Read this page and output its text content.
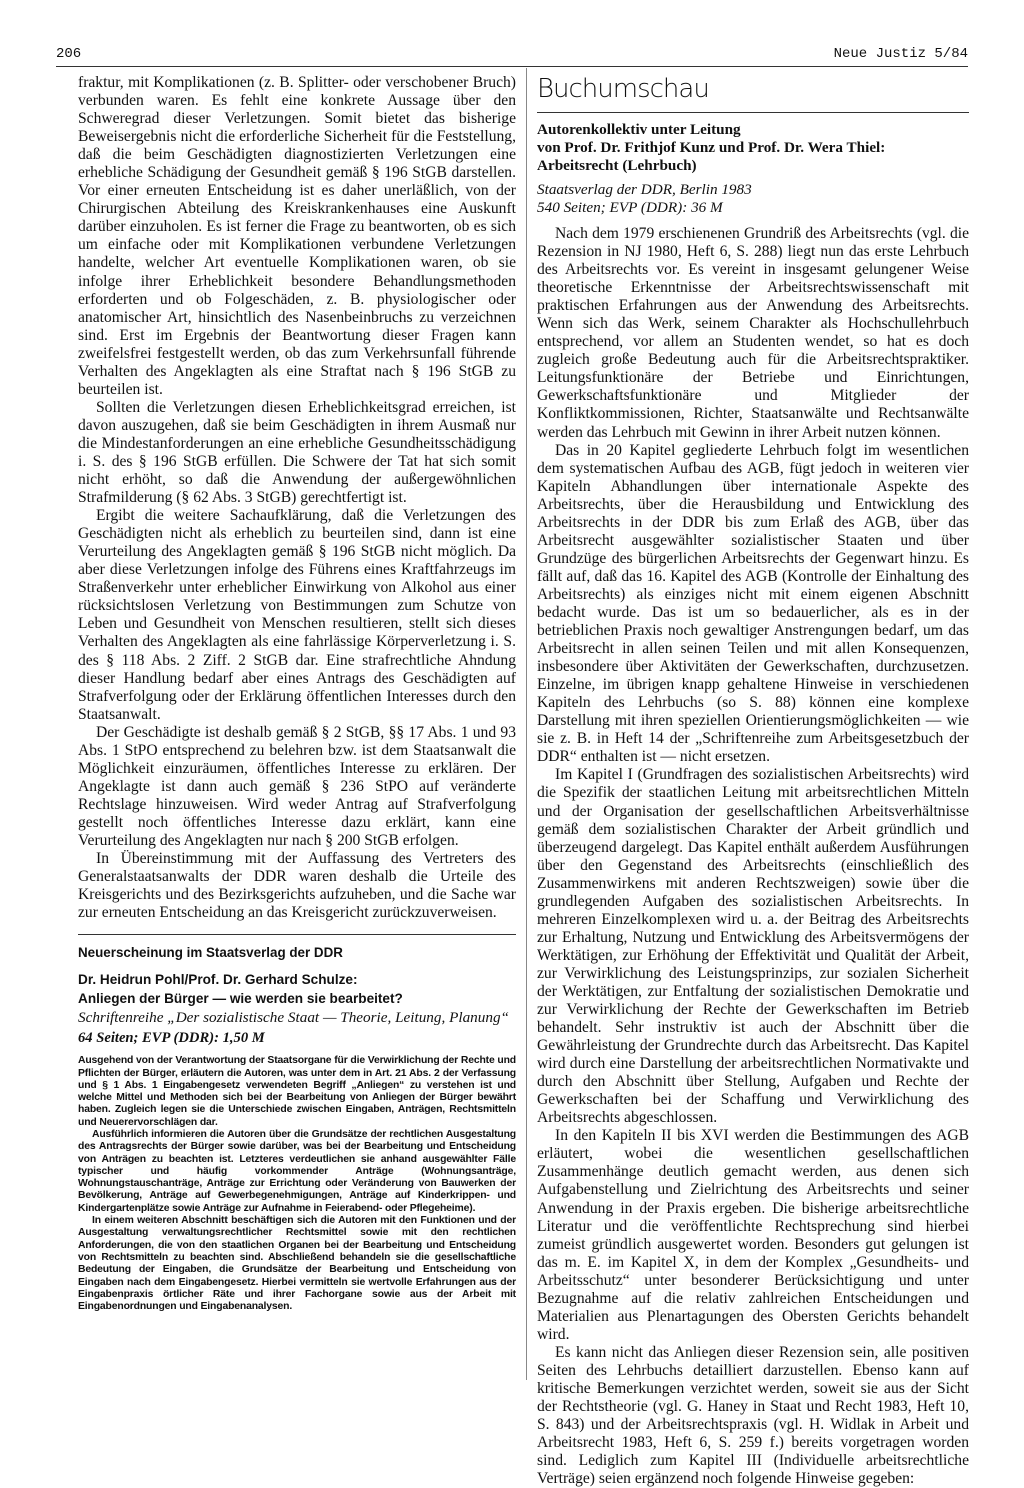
206	Neue Justiz 5/84

fraktur, mit Komplikationen (z. B. Splitter- oder verschobener Bruch) verbunden waren. Es fehlt eine konkrete Aussage über den Schweregrad dieser Verletzungen. Somit bietet das bisherige Beweisergebnis nicht die erforderliche Sicherheit für die Feststellung, daß die beim Geschädigten diagnostizierten Verletzungen eine erhebliche Schädigung der Gesundheit gemäß § 196 StGB darstellen. Vor einer erneuten Entscheidung ist es daher unerläßlich, von der Chirurgischen Abteilung des Kreiskrankenhauses eine Auskunft darüber einzuholen. Es ist ferner die Frage zu beantworten, ob es sich um einfache oder mit Komplikationen verbundene Verletzungen handelte, welcher Art eventuelle Komplikationen waren, ob sie infolge ihrer Erheblichkeit besondere Behandlungsmethoden erforderten und ob Folgeschäden, z. B. physiologischer oder anatomischer Art, hinsichtlich des Nasenbeinbruchs zu verzeichnen sind. Erst im Ergebnis der Beantwortung dieser Fragen kann zweifelsfrei festgestellt werden, ob das zum Verkehrsunfall führende Verhalten des Angeklagten als eine Straftat nach § 196 StGB zu beurteilen ist.

Sollten die Verletzungen diesen Erheblichkeitsgrad erreichen, ist davon auszugehen, daß sie beim Geschädigten in ihrem Ausmaß nur die Mindestanforderungen an eine erhebliche Gesundheitsschädigung i. S. des § 196 StGB erfüllen. Die Schwere der Tat hat sich somit nicht erhöht, so daß die Anwendung der außergewöhnlichen Strafmilderung (§ 62 Abs. 3 StGB) gerechtfertigt ist.

Ergibt die weitere Sachaufklärung, daß die Verletzungen des Geschädigten nicht als erheblich zu beurteilen sind, dann ist eine Verurteilung des Angeklagten gemäß § 196 StGB nicht möglich. Da aber diese Verletzungen infolge des Führens eines Kraftfahrzeugs im Straßenverkehr unter erheblicher Einwirkung von Alkohol aus einer rücksichtslosen Verletzung von Bestimmungen zum Schutze von Leben und Gesundheit von Menschen resultieren, stellt sich dieses Verhalten des Angeklagten als eine fahrlässige Körperverletzung i. S. des § 118 Abs. 2 Ziff. 2 StGB dar. Eine strafrechtliche Ahndung dieser Handlung bedarf aber eines Antrags des Geschädigten auf Strafverfolgung oder der Erklärung öffentlichen Interesses durch den Staatsanwalt.

Der Geschädigte ist deshalb gemäß § 2 StGB, §§ 17 Abs. 1 und 93 Abs. 1 StPO entsprechend zu belehren bzw. ist dem Staatsanwalt die Möglichkeit einzuräumen, öffentliches Interesse zu erklären. Der Angeklagte ist dann auch gemäß § 236 StPO auf veränderte Rechtslage hinzuweisen. Wird weder Antrag auf Strafverfolgung gestellt noch öffentliches Interesse dazu erklärt, kann eine Verurteilung des Angeklagten nur nach § 200 StGB erfolgen.

In Übereinstimmung mit der Auffassung des Vertreters des Generalstaatsanwalts der DDR waren deshalb die Urteile des Kreisgerichts und des Bezirksgerichts aufzuheben, und die Sache war zur erneuten Entscheidung an das Kreisgericht zurückzuverweisen.

Neuerscheinung im Staatsverlag der DDR

Dr. Heidrun Pohl/Prof. Dr. Gerhard Schulze:

Anliegen der Bürger — wie werden sie bearbeitet?

Schriftenreihe „Der sozialistische Staat — Theorie, Leitung, Planung“

64 Seiten; EVP (DDR): 1,50 M

Ausgehend von der Verantwortung der Staatsorgane für die Verwirklichung der Rechte und Pflichten der Bürger, erläutern die Autoren, was unter dem in Art. 21 Abs. 2 der Verfassung und § 1 Abs. 1 Eingabengesetz verwendeten Begriff „Anliegen“ zu verstehen ist und welche Mittel und Methoden sich bei der Bearbeitung von Anliegen der Bürger bewährt haben. Zugleich legen sie die Unterschiede zwischen Eingaben, Anträgen, Rechtsmitteln und Neuerervorschlägen dar.

Ausführlich informieren die Autoren über die Grundsätze der rechtlichen Ausgestaltung des Antragsrechts der Bürger sowie darüber, was bei der Bearbeitung und Entscheidung von Anträgen zu beachten ist. Letzteres verdeutlichen sie anhand ausgewählter Fälle typischer und häufig vorkommender Anträge (Wohnungsanträge, Wohnungstauschanträge, Anträge zur Errichtung oder Veränderung von Bauwerken der Bevölkerung, Anträge auf Gewerbegenehmigungen, Anträge auf Kinderkrippen- und Kindergartenplätze sowie Anträge zur Aufnahme in Feierabend- oder Pflegeheime).

In einem weiteren Abschnitt beschäftigen sich die Autoren mit den Funktionen und der Ausgestaltung verwaltungsrechtlicher Rechtsmittel sowie mit den rechtlichen Anforderungen, die von den staatlichen Organen bei der Bearbeitung und Entscheidung von Rechtsmitteln zu beachten sind. Abschließend behandeln sie die gesellschaftliche Bedeutung der Eingaben, die Grundsätze der Bearbeitung und Entscheidung von Eingaben nach dem Eingabengesetz. Hierbei vermitteln sie wertvolle Erfahrungen aus der Eingabenpraxis örtlicher Räte und ihrer Fachorgane sowie aus der Arbeit mit Eingabenordnungen und Eingabenanalysen.

Buchumschau
Autorenkollektiv unter Leitung
von Prof. Dr. Frithjof Kunz und Prof. Dr. Wera Thiel:
Arbeitsrecht (Lehrbuch)
Staatsverlag der DDR, Berlin 1983
540 Seiten; EVP (DDR): 36 M

Nach dem 1979 erschienenen Grundriß des Arbeitsrechts (vgl. die Rezension in NJ 1980, Heft 6, S. 288) liegt nun das erste Lehrbuch des Arbeitsrechts vor. Es vereint in insgesamt gelungener Weise theoretische Erkenntnisse der Arbeitsrechtswissenschaft mit praktischen Erfahrungen aus der Anwendung des Arbeitsrechts. Wenn sich das Werk, seinem Charakter als Hochschullehrbuch entsprechend, vor allem an Studenten wendet, so hat es doch zugleich große Bedeutung auch für die Arbeitsrechtspraktiker. Leitungsfunktionäre der Betriebe und Einrichtungen, Gewerkschaftsfunktionäre und Mitglieder der Konfliktkommissionen, Richter, Staatsanwälte und Rechtsanwälte werden das Lehrbuch mit Gewinn in ihrer Arbeit nutzen können.

Das in 20 Kapitel gegliederte Lehrbuch folgt im wesentlichen dem systematischen Aufbau des AGB, fügt jedoch in weiteren vier Kapiteln Abhandlungen über internationale Aspekte des Arbeitsrechts, über die Herausbildung und Entwicklung des Arbeitsrechts in der DDR bis zum Erlaß des AGB, über das Arbeitsrecht ausgewählter sozialistischer Staaten und über Grundzüge des bürgerlichen Arbeitsrechts der Gegenwart hinzu. Es fällt auf, daß das 16. Kapitel des AGB (Kontrolle der Einhaltung des Arbeitsrechts) als einziges nicht mit einem eigenen Abschnitt bedacht wurde. Das ist um so bedauerlicher, als es in der betrieblichen Praxis noch gewaltiger Anstrengungen bedarf, um das Arbeitsrecht in allen seinen Teilen und mit allen Konsequenzen, insbesondere über Aktivitäten der Gewerkschaften, durchzusetzen. Einzelne, im übrigen knapp gehaltene Hinweise in verschiedenen Kapiteln des Lehrbuchs (so S. 88) können eine komplexe Darstellung mit ihren speziellen Orientierungsmöglichkeiten — wie sie z. B. in Heft 14 der „Schriftenreihe zum Arbeitsgesetzbuch der DDR“ enthalten ist — nicht ersetzen.

Im Kapitel I (Grundfragen des sozialistischen Arbeitsrechts) wird die Spezifik der staatlichen Leitung mit arbeitsrechtlichen Mitteln und der Organisation der gesellschaftlichen Arbeitsverhältnisse gemäß dem sozialistischen Charakter der Arbeit gründlich und überzeugend dargelegt. Das Kapitel enthält außerdem Ausführungen über den Gegenstand des Arbeitsrechts (einschließlich des Zusammenwirkens mit anderen Rechtszweigen) sowie über die grundlegenden Aufgaben des sozialistischen Arbeitsrechts. In mehreren Einzelkomplexen wird u. a. der Beitrag des Arbeitsrechts zur Erhaltung, Nutzung und Entwicklung des Arbeitsvermögens der Werktätigen, zur Erhöhung der Effektivität und Qualität der Arbeit, zur Verwirklichung des Leistungsprinzips, zur sozialen Sicherheit der Werktätigen, zur Entfaltung der sozialistischen Demokratie und zur Verwirklichung der Rechte der Gewerkschaften im Betrieb behandelt. Sehr instruktiv ist auch der Abschnitt über die Gewährleistung der Grundrechte durch das Arbeitsrecht. Das Kapitel wird durch eine Darstellung der arbeitsrechtlichen Normativakte und durch den Abschnitt über Stellung, Aufgaben und Rechte der Gewerkschaften bei der Schaffung und Verwirklichung des Arbeitsrechts abgeschlossen.

In den Kapiteln II bis XVI werden die Bestimmungen des AGB erläutert, wobei die wesentlichen gesellschaftlichen Zusammenhänge deutlich gemacht werden, aus denen sich Aufgabenstellung und Zielrichtung des Arbeitsrechts und seiner Anwendung in der Praxis ergeben. Die bisherige arbeitsrechtliche Literatur und die veröffentlichte Rechtsprechung sind hierbei zumeist gründlich ausgewertet worden. Besonders gut gelungen ist das m. E. im Kapitel X, in dem der Komplex „Gesundheits- und Arbeitsschutz“ unter besonderer Berücksichtigung und unter Bezugnahme auf die relativ zahlreichen Entscheidungen und Materialien aus Plenartagungen des Obersten Gerichts behandelt wird.

Es kann nicht das Anliegen dieser Rezension sein, alle positiven Seiten des Lehrbuchs detailliert darzustellen. Ebenso kann auf kritische Bemerkungen verzichtet werden, soweit sie aus der Sicht der Rechtstheorie (vgl. G. Haney in Staat und Recht 1983, Heft 10, S. 843) und der Arbeitsrechtspraxis (vgl. H. Widlak in Arbeit und Arbeitsrecht 1983, Heft 6, S. 259 f.) bereits vorgetragen worden sind. Lediglich zum Kapitel III (Individuelle arbeitsrechtliche Verträge) seien ergänzend noch folgende Hinweise gegeben:
